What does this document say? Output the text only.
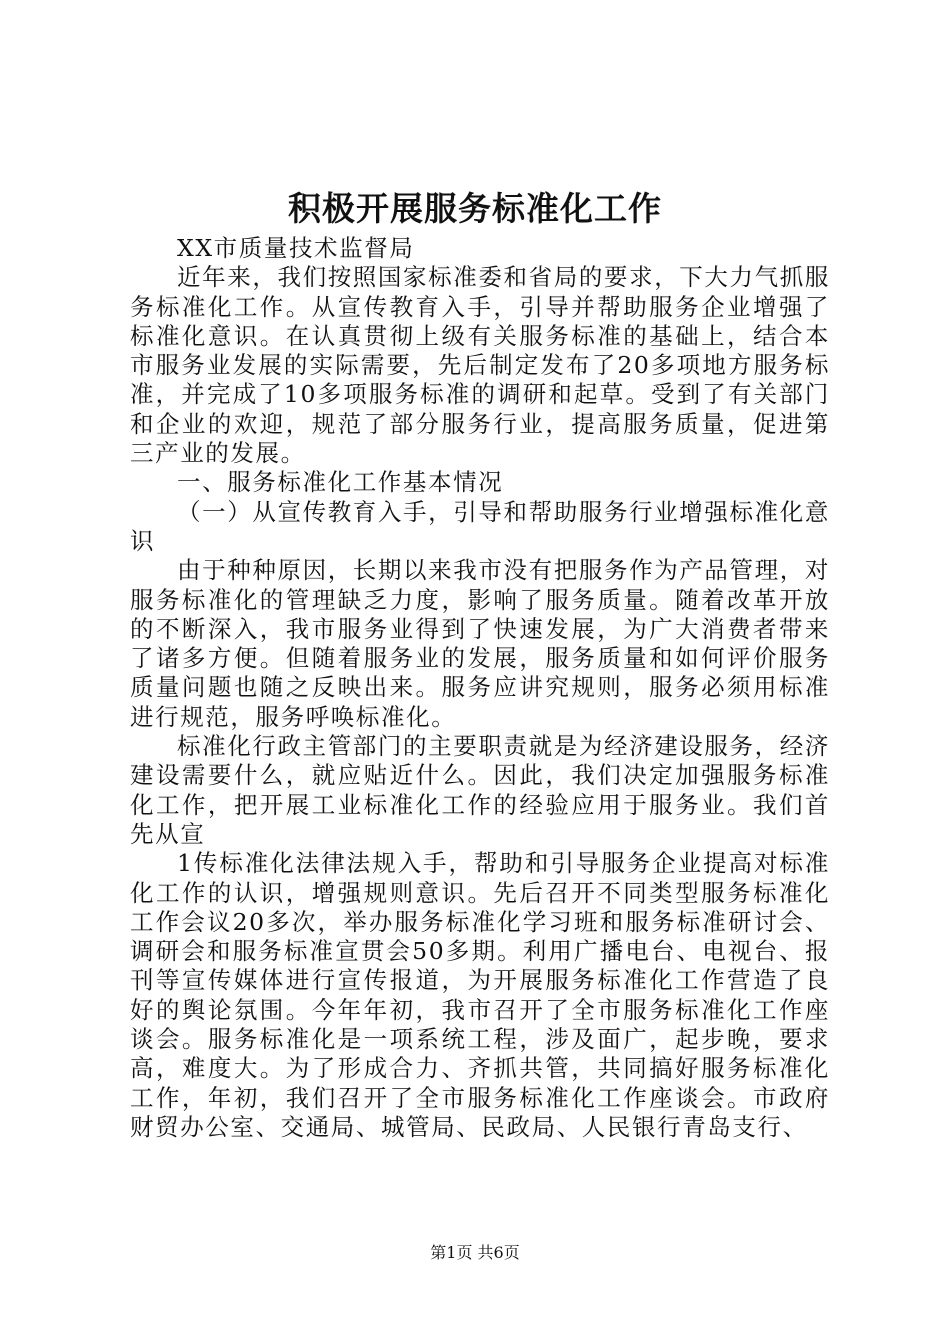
积极开展服务标准化工作

XX市质量技术监督局

近年来，我们按照国家标准委和省局的要求，下大力气抓服务标准化工作。从宣传教育入手，引导并帮助服务企业增强了标准化意识。在认真贯彻上级有关服务标准的基础上，结合本市服务业发展的实际需要，先后制定发布了20多项地方服务标准，并完成了10多项服务标准的调研和起草。受到了有关部门和企业的欢迎，规范了部分服务行业，提高服务质量，促进第三产业的发展。

一、服务标准化工作基本情况

（一）从宣传教育入手，引导和帮助服务行业增强标准化意识

由于种种原因，长期以来我市没有把服务作为产品管理，对服务标准化的管理缺乏力度，影响了服务质量。随着改革开放的不断深入，我市服务业得到了快速发展，为广大消费者带来了诸多方便。但随着服务业的发展，服务质量和如何评价服务质量问题也随之反映出来。服务应讲究规则，服务必须用标准进行规范，服务呼唤标准化。

标准化行政主管部门的主要职责就是为经济建设服务，经济建设需要什么，就应贴近什么。因此，我们决定加强服务标准化工作，把开展工业标准化工作的经验应用于服务业。我们首先从宣

1传标准化法律法规入手，帮助和引导服务企业提高对标准化工作的认识，增强规则意识。先后召开不同类型服务标准化工作会议20多次，举办服务标准化学习班和服务标准研讨会、调研会和服务标准宣贯会50多期。利用广播电台、电视台、报刊等宣传媒体进行宣传报道，为开展服务标准化工作营造了良好的舆论氛围。今年年初，我市召开了全市服务标准化工作座谈会。服务标准化是一项系统工程，涉及面广，起步晚，要求高，难度大。为了形成合力、齐抓共管，共同搞好服务标准化工作，年初，我们召开了全市服务标准化工作座谈会。市政府财贸办公室、交通局、城管局、民政局、人民银行青岛支行、

第1页 共6页
